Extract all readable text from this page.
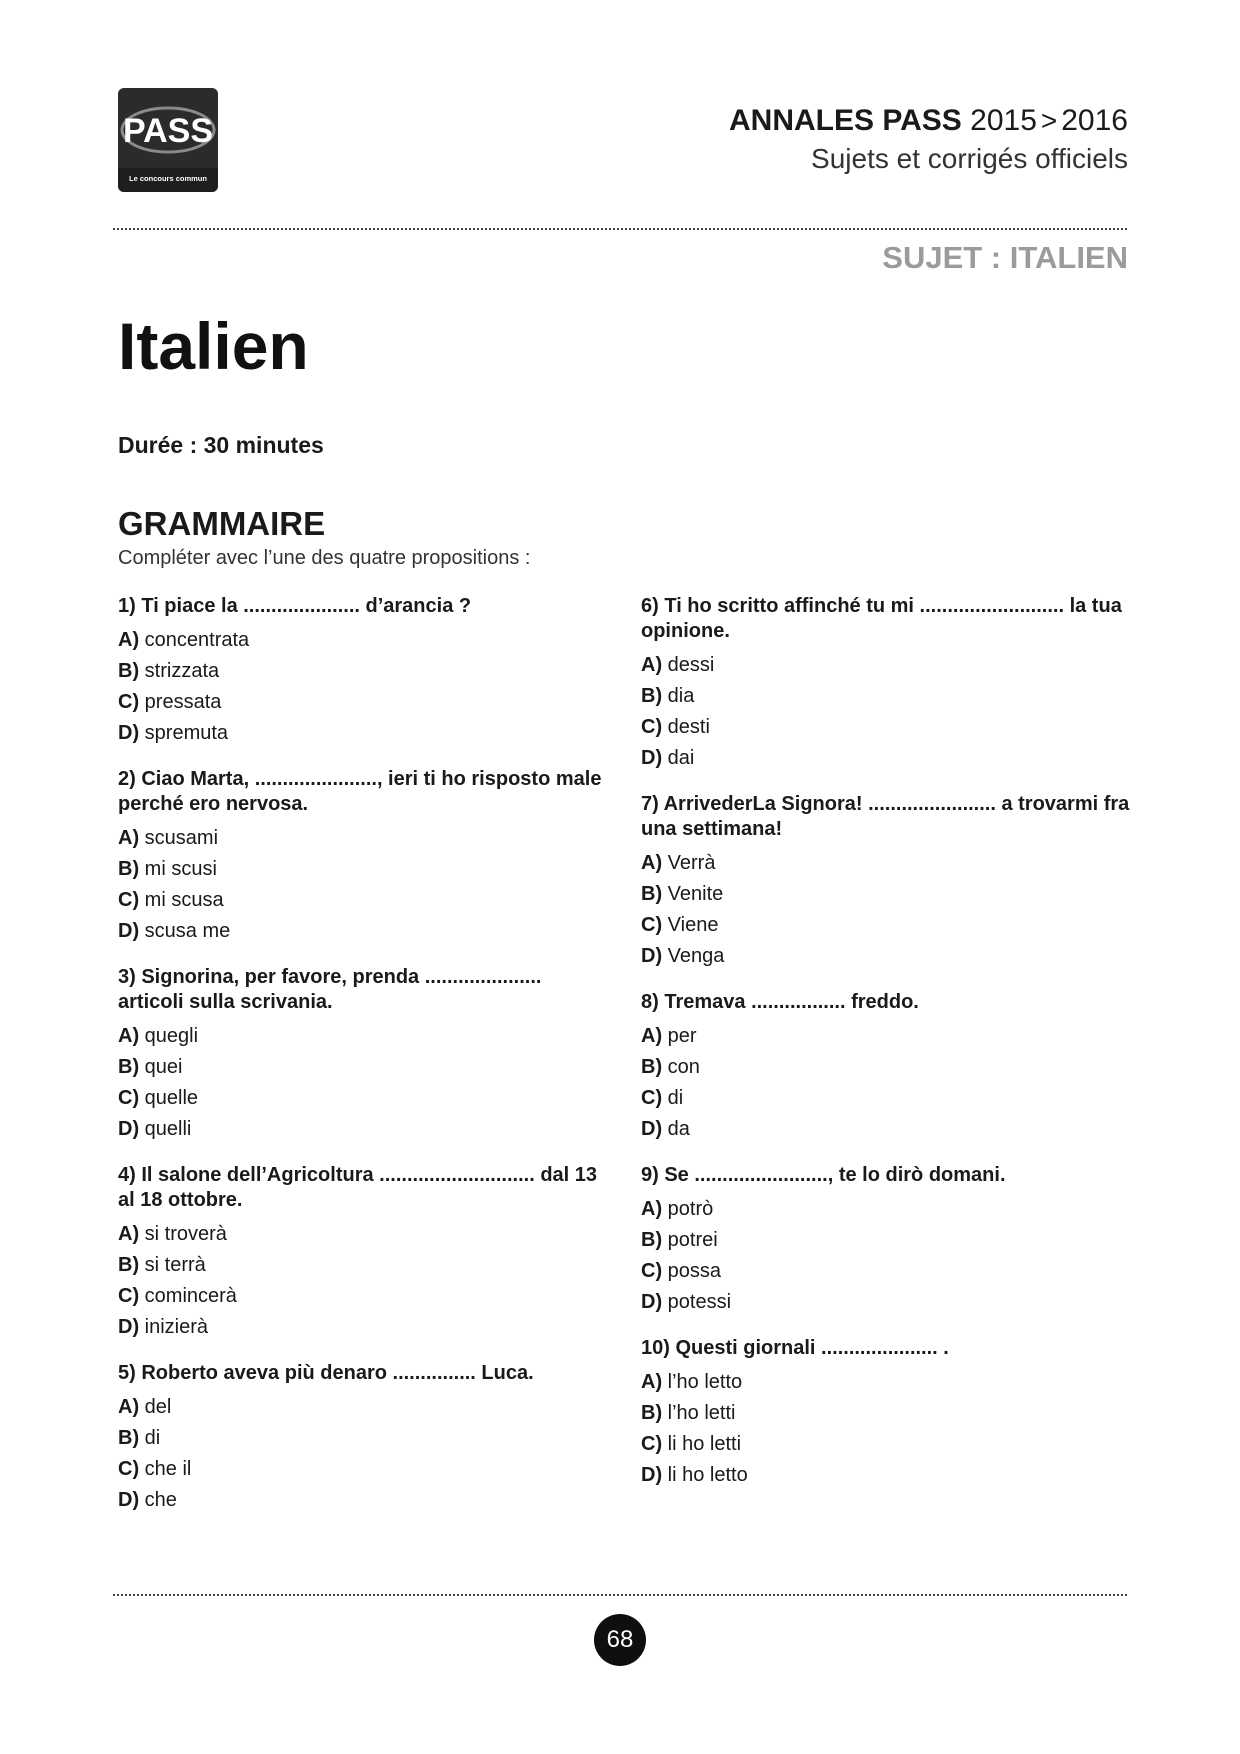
PASS
Le concours commun
ANNALES PASS 2015 > 2016
Sujets et corrigés officiels
SUJET : ITALIEN
Italien
Durée : 30 minutes
GRAMMAIRE
Compléter avec l’une des quatre propositions :
1) Ti piace la ..................... d’arancia ?
A) concentrata
B) strizzata
C) pressata
D) spremuta
2) Ciao Marta, ......................, ieri ti ho risposto male perché ero nervosa.
A) scusami
B) mi scusi
C) mi scusa
D) scusa me
3) Signorina, per favore, prenda ..................... articoli sulla scrivania.
A) quegli
B) quei
C) quelle
D) quelli
4) Il salone dell’Agricoltura ............................ dal 13 al 18 ottobre.
A) si troverà
B) si terrà
C) comincerà
D) inizierà
5) Roberto aveva più denaro ............... Luca.
A) del
B) di
C) che il
D) che
6) Ti ho scritto affinché tu mi .......................... la tua opinione.
A) dessi
B) dia
C) desti
D) dai
7) ArrivederLa Signora! ....................... a trovarmi fra una settimana!
A) Verrà
B) Venite
C) Viene
D) Venga
8) Tremava ................. freddo.
A) per
B) con
C) di
D) da
9) Se ........................, te lo dirò domani.
A) potrò
B) potrei
C) possa
D) potessi
10) Questi giornali ..................... .
A) l’ho letto
B) l’ho letti
C) li ho letti
D) li ho letto
68
